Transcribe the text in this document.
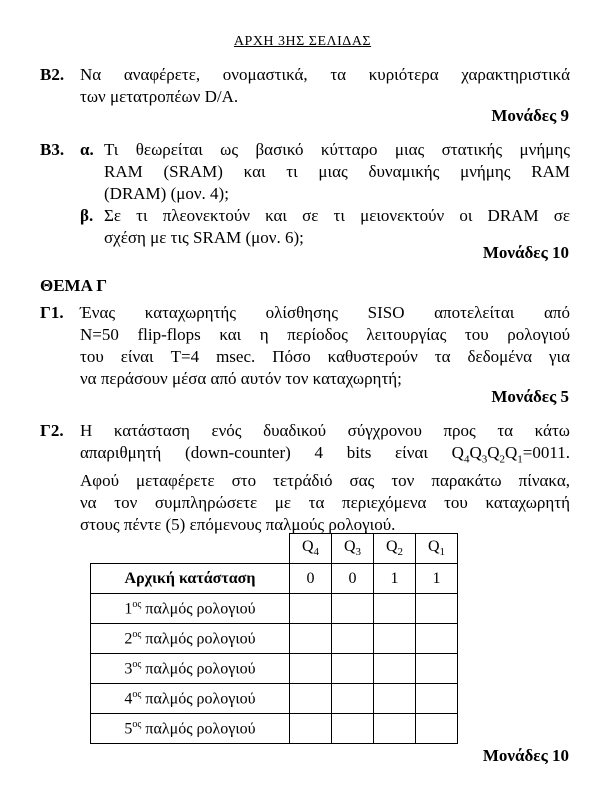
ΑΡΧΗ 3ΗΣ ΣΕΛΙΔΑΣ
Β2. Να αναφέρετε, ονομαστικά, τα κυριότερα χαρακτηριστικά
των μετατροπέων D/A.
Μονάδες 9
Β3. α. Τι θεωρείται ως βασικό κύτταρο μιας στατικής μνήμης
RAM (SRAM) και τι μιας δυναμικής μνήμης RAM
(DRAM) (μον. 4);
β. Σε τι πλεονεκτούν και σε τι μειονεκτούν οι DRAM σε
σχέση με τις SRAM (μον. 6);
Μονάδες 10
ΘΕΜΑ Γ
Γ1. Ένας καταχωρητής ολίσθησης SISO αποτελείται από
N=50 flip-flops και η περίοδος λειτουργίας του ρολογιού
του είναι T=4 msec. Πόσο καθυστερούν τα δεδομένα για
να περάσουν μέσα από αυτόν τον καταχωρητή;
Μονάδες 5
Γ2. Η κατάσταση ενός δυαδικού σύγχρονου προς τα κάτω
απαριθμητή (down-counter) 4 bits είναι $Q_4Q_3Q_2Q_1=0011$.
Αφού μεταφέρετε στο τετράδιό σας τον παρακάτω πίνακα,
να τον συμπληρώσετε με τα περιεχόμενα του καταχωρητή
στους πέντε (5) επόμενους παλμούς ρολογιού.
	$Q_4$	$Q_3$	$Q_2$	$Q_1$
Αρχική κατάσταση	0	0	1	1
$1^{o\varsigma}$ παλμός ρολογιού				
$2^{o\varsigma}$ παλμός ρολογιού				
$3^{o\varsigma}$ παλμός ρολογιού				
$4^{o\varsigma}$ παλμός ρολογιού				
$5^{o\varsigma}$ παλμός ρολογιού				
Μονάδες 10
